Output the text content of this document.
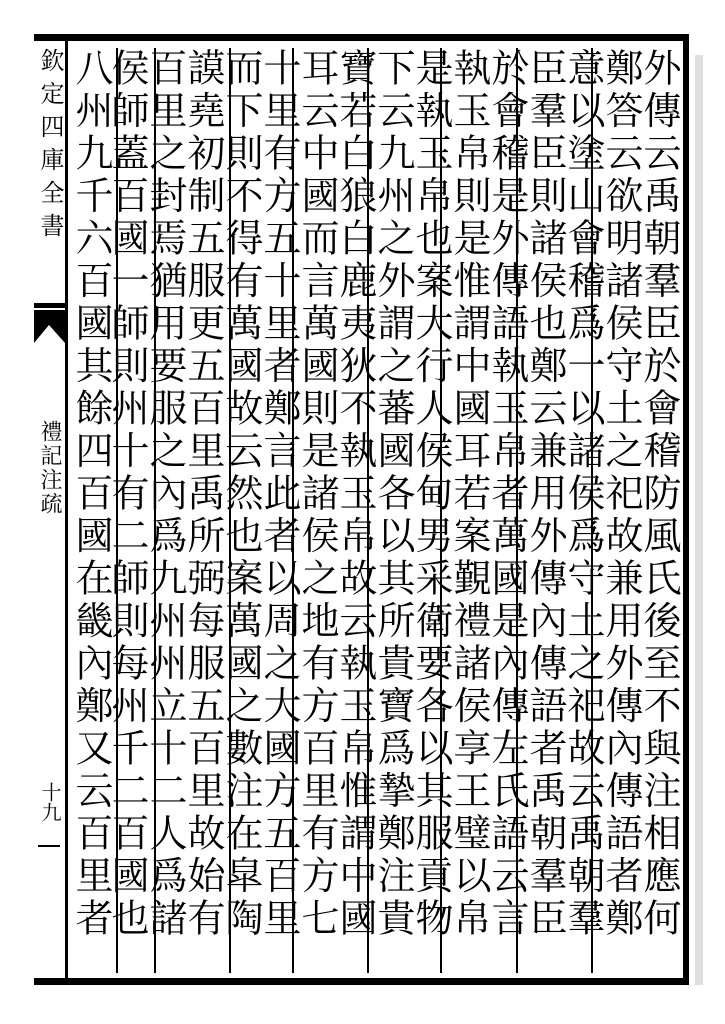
外傳云禹朝羣臣於會稽防風氏後至不與注相應何
鄭答云欲明諸侯守土之祀故兼用外傳內傳語者鄭
意以塗山會稽爲一以諸侯爲守土之祀故云禹朝羣
臣羣臣則諸侯也鄭云兼用外傳內傳語者禹朝羣臣
於會稽是外傳語執玉帛者萬國是內傳左氏語云言
執玉帛則是惟謂中國耳若案覲禮諸侯享王璧以帛
是執玉帛也案大行人侯甸男采衛要各以其服貢物
下云九州之外謂之蕃國各以其所貴寶爲摯鄭注貴
寶若白狼白鹿夷狄不執玉帛故云執玉帛惟謂中國
耳云中國而言萬國則是諸侯之地有方百里有方七
十里有方五十里者鄭言此者以周之大國方五百里
而下則不得有萬國故云然也案萬國之數注在皐陶
謨堯初制五服更五百里禹所弼每服五百里故始有
百里之封焉猶用要服之內爲九州州立十二人爲諸
侯師蓋百國一師則州十有二師則每州千二百國也
八州九千六百國其餘四百國在畿內鄭又云百里者
欽定四庫全書
禮記注疏
十九
